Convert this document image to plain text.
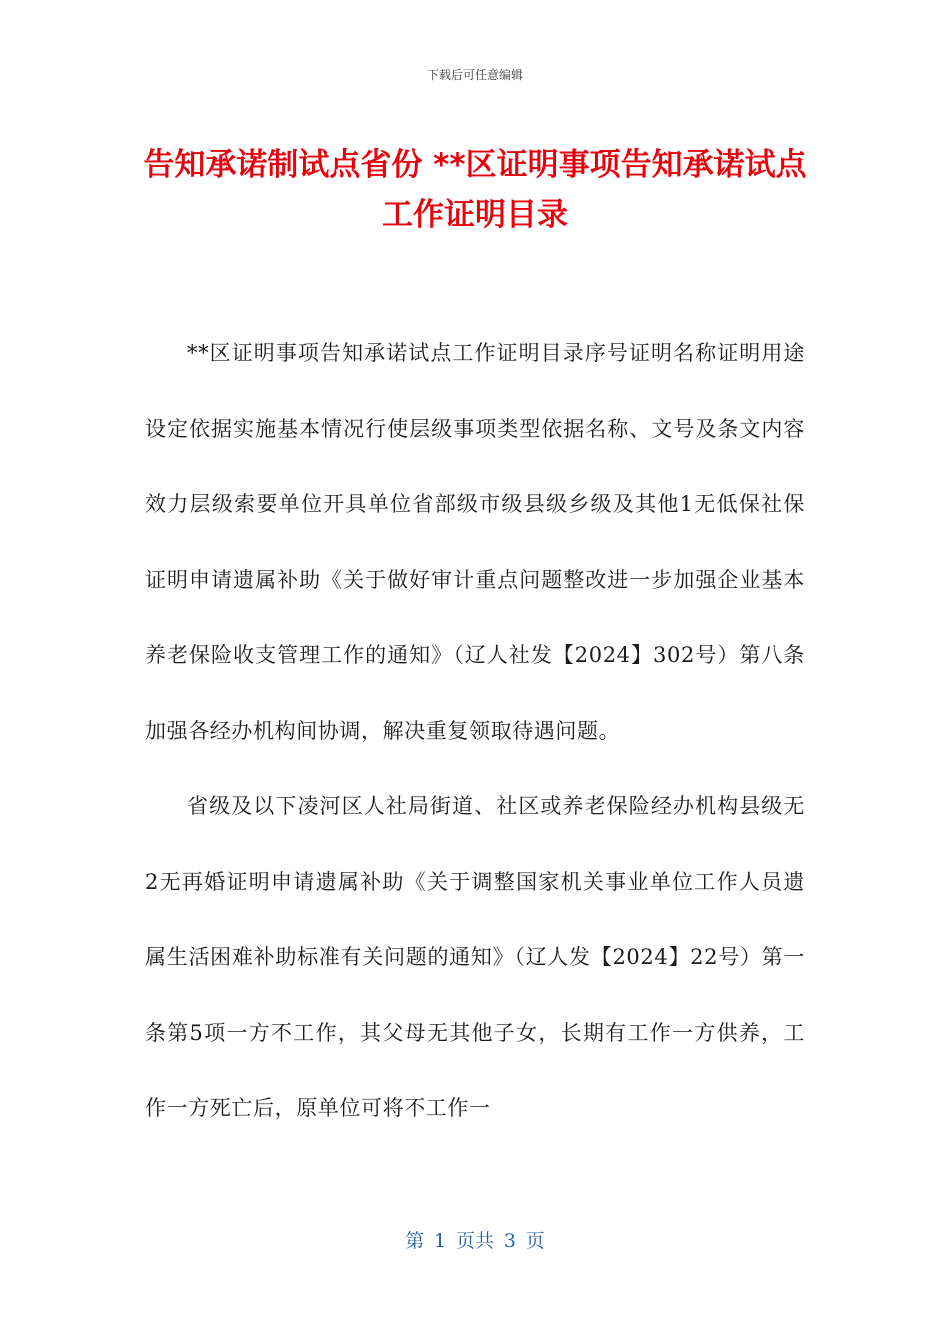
下载后可任意编辑
告知承诺制试点省份 **区证明事项告知承诺试点工作证明目录

**区证明事项告知承诺试点工作证明目录序号证明名称证明用途设定依据实施基本情况行使层级事项类型依据名称、文号及条文内容效力层级索要单位开具单位省部级市级县级乡级及其他1无低保社保证明申请遗属补助《关于做好审计重点问题整改进一步加强企业基本养老保险收支管理工作的通知》（辽人社发【2024】302号）第八条加强各经办机构间协调，解决重复领取待遇问题。

省级及以下凌河区人社局街道、社区或养老保险经办机构县级无2无再婚证明申请遗属补助《关于调整国家机关事业单位工作人员遗属生活困难补助标准有关问题的通知》（辽人发【2024】22号）第一条第5项一方不工作，其父母无其他子女，长期有工作一方供养，工作一方死亡后，原单位可将不工作一

第 1 页共 3 页
